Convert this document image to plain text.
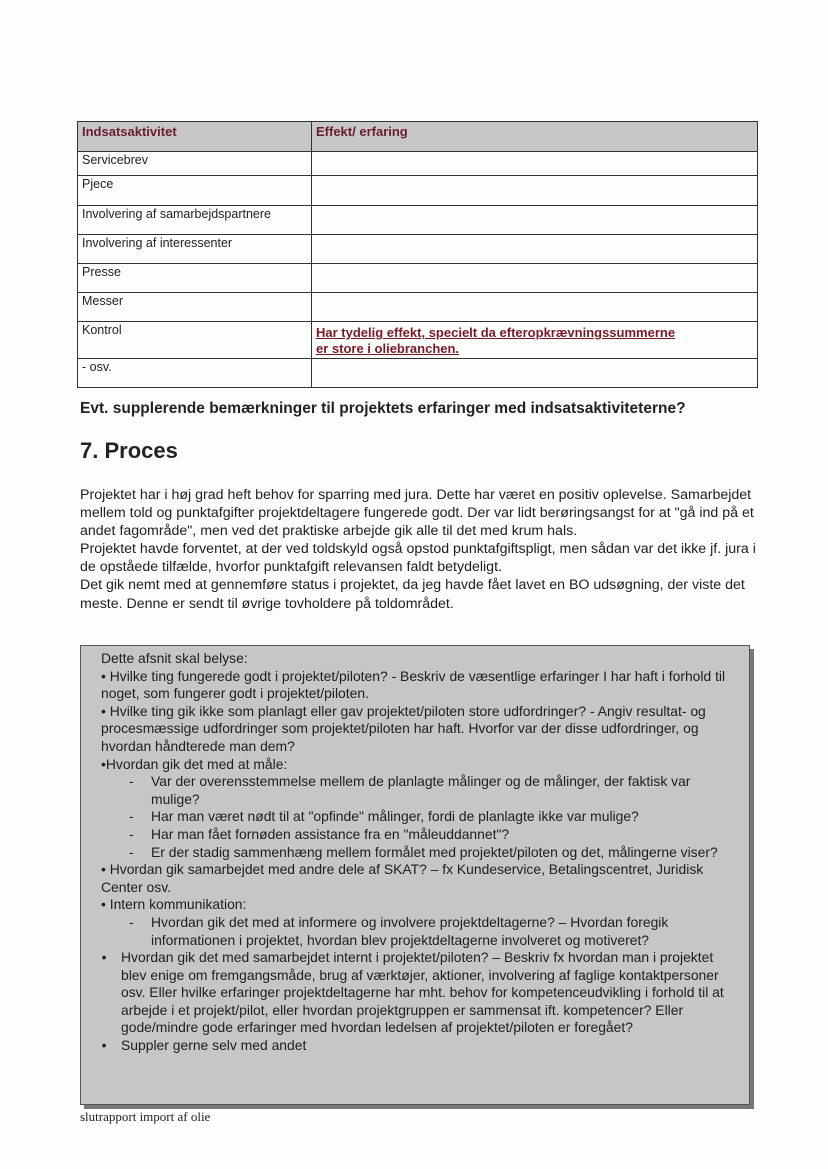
Indsatsaktivitet	Effekt/ erfaring
Servicebrev	
Pjece	
Involvering af samarbejdspartnere	
Involvering af interessenter	
Presse	
Messer	
Kontrol	Har tydelig effekt, specielt da efteropkrævningssummerne
er store i oliebranchen.

- osv.	
Evt. supplerende bemærkninger til projektets erfaringer med indsatsaktiviteterne?
7. Proces

Projektet har i høj grad heft behov for sparring med jura. Dette har været en positiv oplevelse. Samarbejdet mellem told og punktafgifter projektdeltagere fungerede godt. Der var lidt berøringsangst for at "gå ind på et andet fagområde", men ved det praktiske arbejde gik alle til det med krum hals.

Projektet havde forventet, at der ved toldskyld også opstod punktafgiftspligt, men sådan var det ikke jf. jura i de opståede tilfælde, hvorfor punktafgift relevansen faldt betydeligt.

Det gik nemt med at gennemføre status i projektet, da jeg havde fået lavet en BO udsøgning, der viste det meste. Denne er sendt til øvrige tovholdere på toldområdet.

Dette afsnit skal belyse:

• Hvilke ting fungerede godt i projektet/piloten? - Beskriv de væsentlige erfaringer I har haft i forhold til noget, som fungerer godt i projektet/piloten.

• Hvilke ting gik ikke som planlagt eller gav projektet/piloten store udfordringer? - Angiv resultat- og procesmæssige udfordringer som projektet/piloten har haft. Hvorfor var der disse udfordringer, og hvordan håndterede man dem?

•Hvordan gik det med at måle:

-	Var der overensstemmelse mellem de planlagte målinger og de målinger, der faktisk var mulige?
-	Har man været nødt til at "opfinde" målinger, fordi de planlagte ikke var mulige?
-	Har man fået fornøden assistance fra en "måleuddannet"?
-	Er der stadig sammenhæng mellem formålet med projektet/piloten og det, målingerne viser?

• Hvordan gik samarbejdet med andre dele af SKAT? – fx Kundeservice, Betalingscentret, Juridisk Center osv.

• Intern kommunikation:

-	Hvordan gik det med at informere og involvere projektdeltagerne? – Hvordan foregik informationen i projektet, hvordan blev projektdeltagerne involveret og motiveret?
•	Hvordan gik det med samarbejdet internt i projektet/piloten? – Beskriv fx hvordan man i projektet blev enige om fremgangsmåde, brug af værktøjer, aktioner, involvering af faglige kontaktpersoner osv. Eller hvilke erfaringer projektdeltagerne har mht. behov for kompetenceudvikling i forhold til at arbejde i et projekt/pilot, eller hvordan projektgruppen er sammensat ift. kompetencer? Eller gode/mindre gode erfaringer med hvordan ledelsen af projektet/piloten er foregået?
•	Suppler gerne selv med andet
slutrapport import af olie
